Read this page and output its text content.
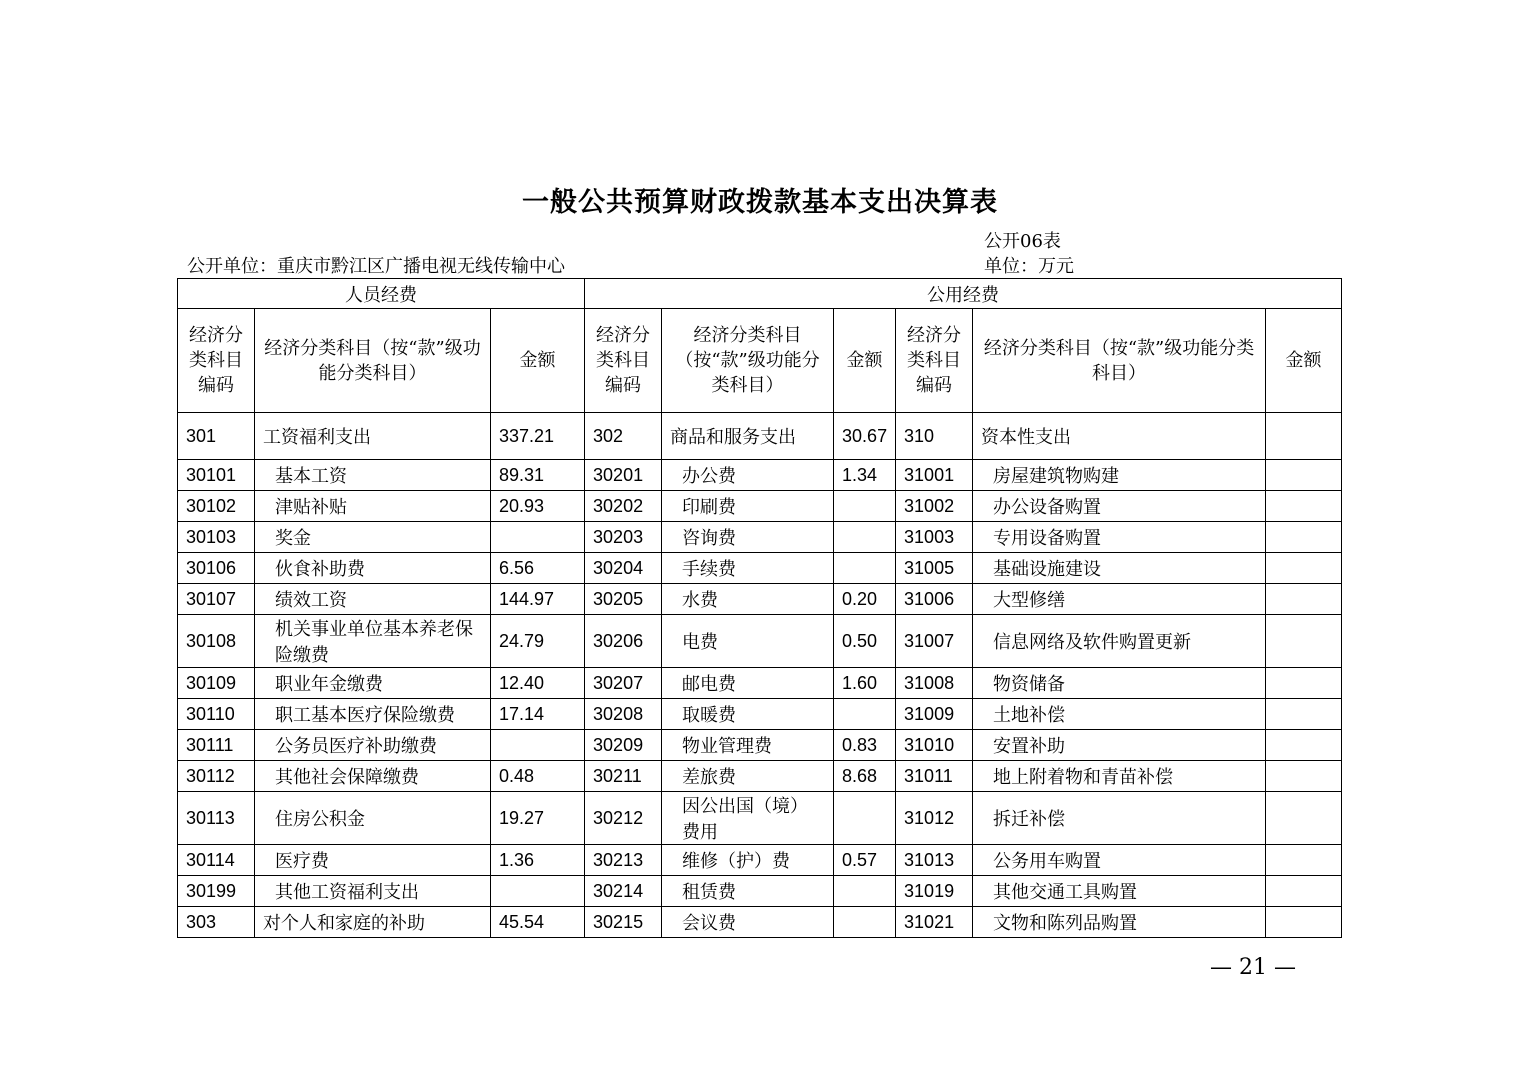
一般公共预算财政拨款基本支出决算表
公开单位：重庆市黔江区广播电视无线传输中心
公开06表
单位：万元
人员经费			公用经费					
经济分类科目编码	经济分类科目（按“款”级功能分类科目）	金额	经济分类科目编码	经济分类科目（按“款”级功能分类科目）	金额	经济分类科目编码	经济分类科目（按“款”级功能分类科目）	金额
301	工资福利支出	337.21	302	商品和服务支出	30.67	310	资本性支出	
30101	基本工资	89.31	30201	办公费	1.34	31001	房屋建筑物购建	
30102	津贴补贴	20.93	30202	印刷费		31002	办公设备购置	
30103	奖金		30203	咨询费		31003	专用设备购置	
30106	伙食补助费	6.56	30204	手续费		31005	基础设施建设	
30107	绩效工资	144.97	30205	水费	0.20	31006	大型修缮	
30108	机关事业单位基本养老保险缴费	24.79	30206	电费	0.50	31007	信息网络及软件购置更新	
30109	职业年金缴费	12.40	30207	邮电费	1.60	31008	物资储备	
30110	职工基本医疗保险缴费	17.14	30208	取暖费		31009	土地补偿	
30111	公务员医疗补助缴费		30209	物业管理费	0.83	31010	安置补助	
30112	其他社会保障缴费	0.48	30211	差旅费	8.68	31011	地上附着物和青苗补偿	
30113	住房公积金	19.27	30212	因公出国（境）费用		31012	拆迁补偿	
30114	医疗费	1.36	30213	维修（护）费	0.57	31013	公务用车购置	
30199	其他工资福利支出		30214	租赁费		31019	其他交通工具购置	
303	对个人和家庭的补助	45.54	30215	会议费		31021	文物和陈列品购置	
— 21 —
